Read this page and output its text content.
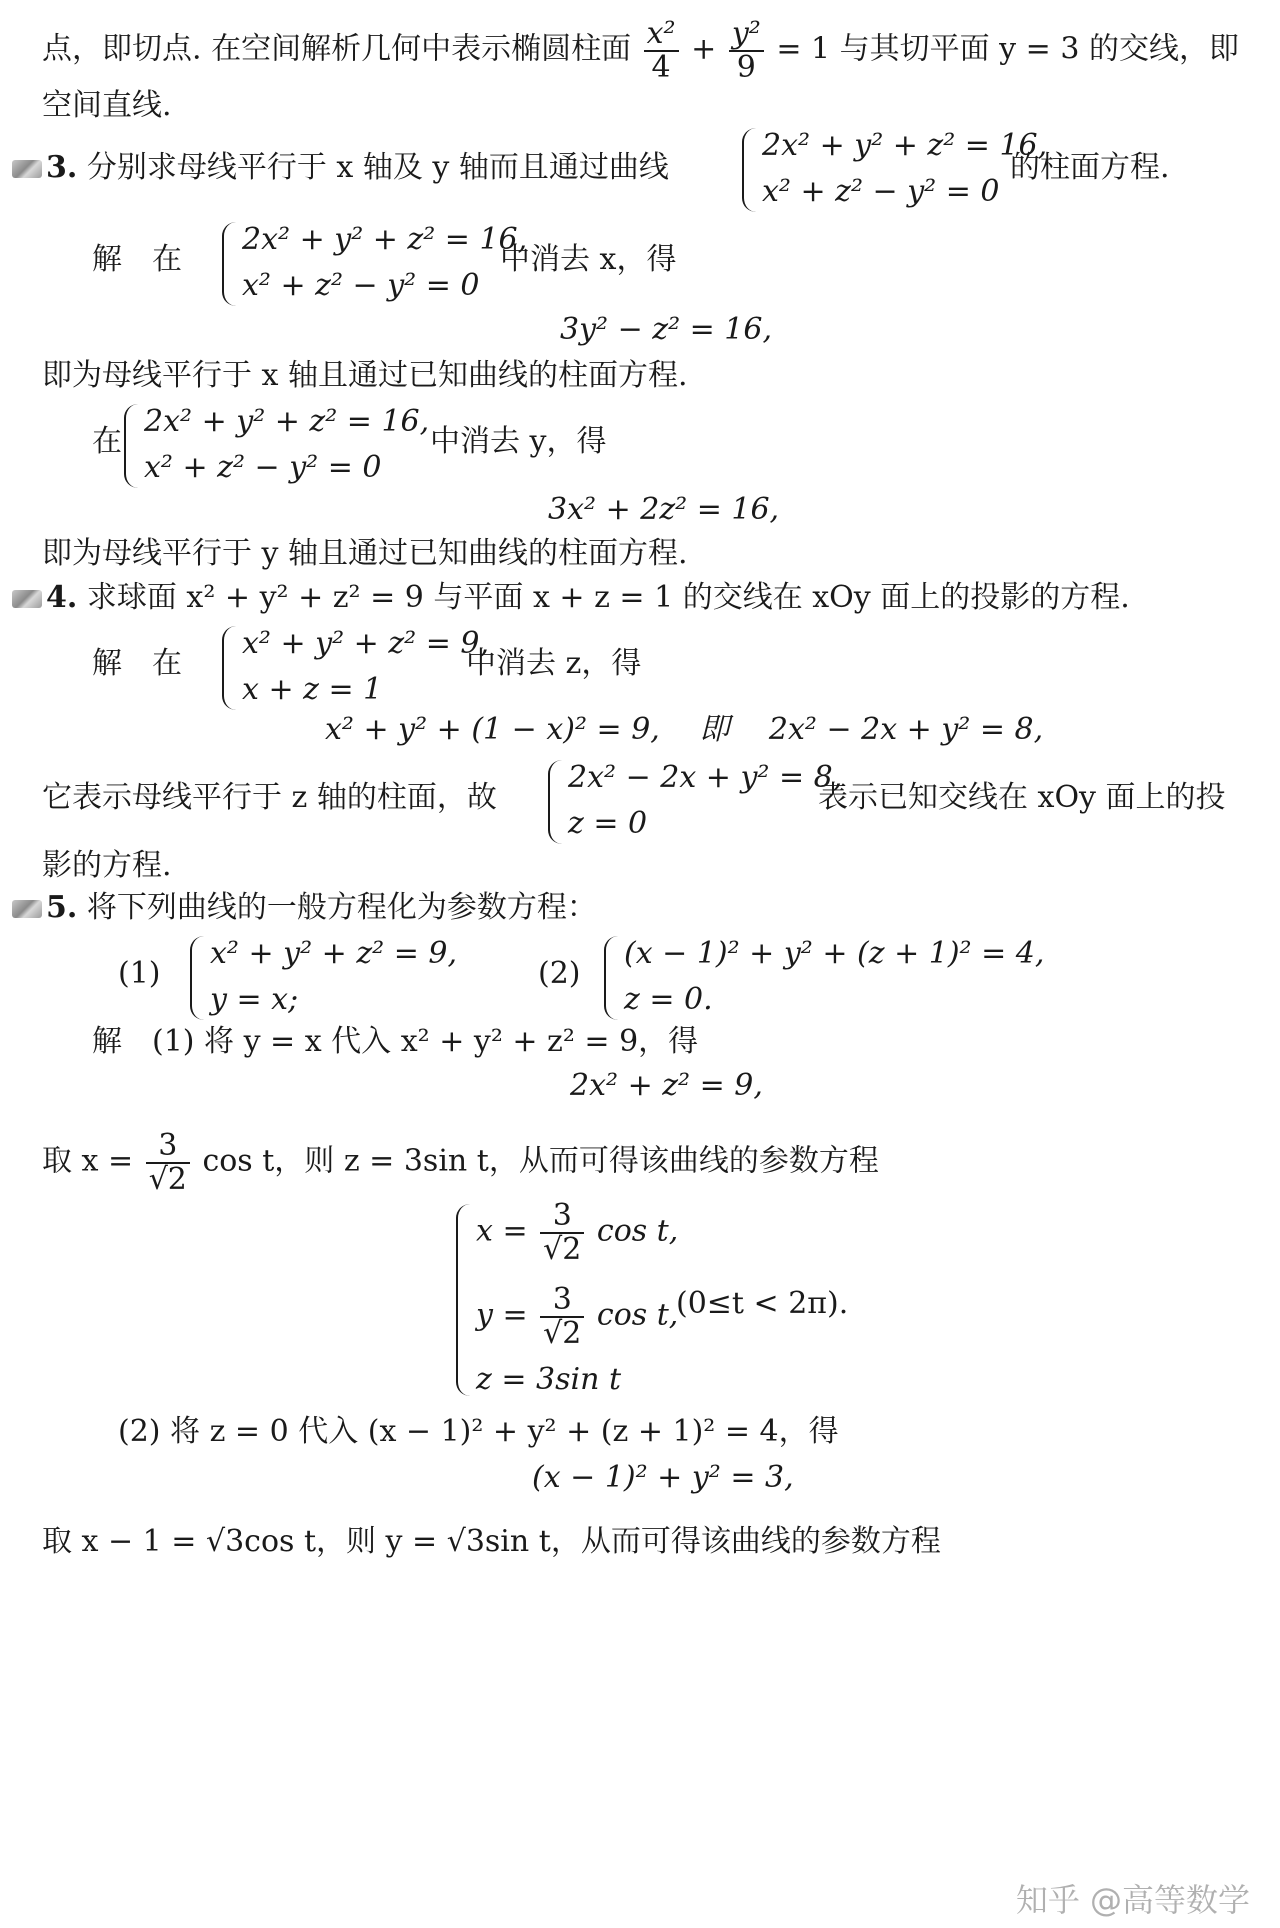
点，即切点. 在空间解析几何中表示椭圆柱面 $\frac{\text{x²}}{4} + \frac{\text{y²}}{9} = 1$ 与其切平面 y = 3 的交线，即
空间直线.
3. 分别求母线平行于 x 轴及 y 轴而且通过曲线
2x² + y² + z² = 16,
x² + z² − y² = 0
的柱面方程.
解　在
2x² + y² + z² = 16,
x² + z² − y² = 0
中消去 x，得
3y² − z² = 16,
即为母线平行于 x 轴且通过已知曲线的柱面方程.
在
2x² + y² + z² = 16,
x² + z² − y² = 0
中消去 y，得
3x² + 2z² = 16,
即为母线平行于 y 轴且通过已知曲线的柱面方程.
4. 求球面 x² + y² + z² = 9 与平面 x + z = 1 的交线在 xOy 面上的投影的方程.
解　在
x² + y² + z² = 9,
x + z = 1
中消去 z，得
x² + y² + (1 − x)² = 9,　 即　 2x² − 2x + y² = 8,
它表示母线平行于 z 轴的柱面，故
2x² − 2x + y² = 8,
z = 0
表示已知交线在 xOy 面上的投
影的方程.
5. 将下列曲线的一般方程化为参数方程：
(1)
x² + y² + z² = 9,
y = x;
(2)
(x − 1)² + y² + (z + 1)² = 4,
z = 0.
解　(1) 将 y = x 代入 x² + y² + z² = 9，得
2x² + z² = 9,
取 $x = \frac{3}{√2}$ cos t，则 z = 3sin t，从而可得该曲线的参数方程
$x = \frac{3}{√2}$ cos t,
$y = \frac{3}{√2}$ cos t,
z = 3sin t
(0≤t < 2π).
(2) 将 z = 0 代入 (x − 1)² + y² + (z + 1)² = 4，得
(x − 1)² + y² = 3,
取 x − 1 = √3cos t，则 y = √3sin t，从而可得该曲线的参数方程
知乎 @高等数学
